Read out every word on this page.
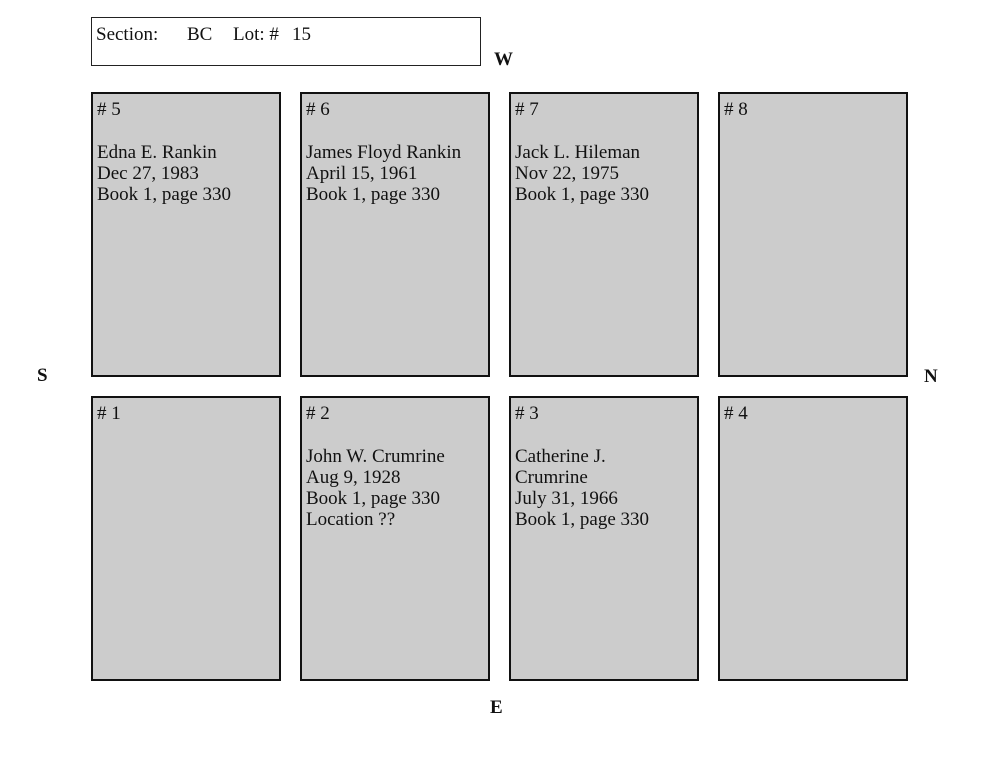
Section: BC Lot: # 15
W
E
S	N
# 5
Edna E. Rankin
Dec 27, 1983
Book 1, page 330
# 6
James Floyd Rankin
April 15, 1961
Book 1, page 330
# 7
Jack L. Hileman
Nov 22, 1975
Book 1, page 330
# 8
# 1	# 2
John W. Crumrine
Aug 9, 1928
Book 1, page 330
Location ??
# 3
Catherine J.
Crumrine
July 31, 1966
Book 1, page 330
# 4
